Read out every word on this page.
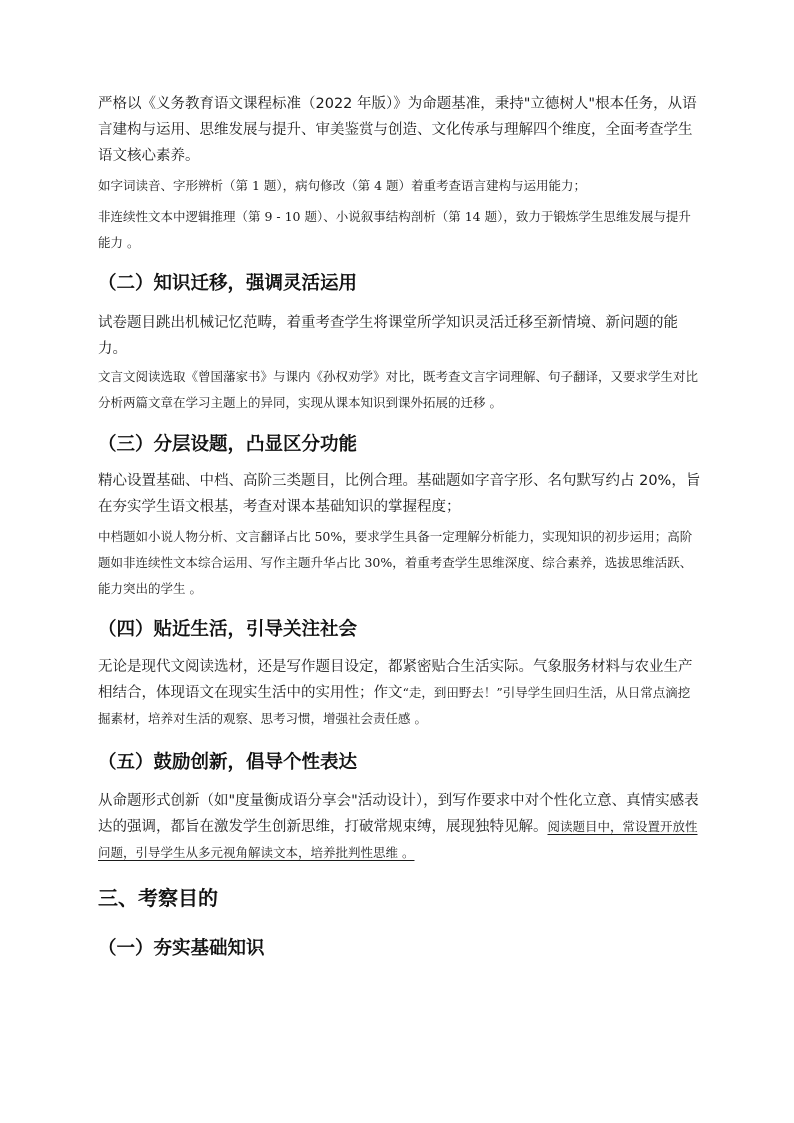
严格以《义务教育语文课程标准（2022 年版）》为命题基准，秉持"立德树人"根本任务，从语言建构与运用、思维发展与提升、审美鉴赏与创造、文化传承与理解四个维度，全面考查学生语文核心素养。

如字词读音、字形辨析（第 1 题），病句修改（第 4 题）着重考查语言建构与运用能力；

非连续性文本中逻辑推理（第 9 - 10 题）、小说叙事结构剖析（第 14 题），致力于锻炼学生思维发展与提升能力 。

（二）知识迁移，强调灵活运用

试卷题目跳出机械记忆范畴，着重考查学生将课堂所学知识灵活迁移至新情境、新问题的能力。

文言文阅读选取《曾国藩家书》与课内《孙权劝学》对比，既考查文言字词理解、句子翻译，又要求学生对比分析两篇文章在学习主题上的异同，实现从课本知识到课外拓展的迁移 。

（三）分层设题，凸显区分功能

精心设置基础、中档、高阶三类题目，比例合理。基础题如字音字形、名句默写约占 20%，旨在夯实学生语文根基，考查对课本基础知识的掌握程度；

中档题如小说人物分析、文言翻译占比 50%，要求学生具备一定理解分析能力，实现知识的初步运用；高阶题如非连续性文本综合运用、写作主题升华占比 30%，着重考查学生思维深度、综合素养，选拔思维活跃、能力突出的学生 。

（四）贴近生活，引导关注社会

无论是现代文阅读选材，还是写作题目设定，都紧密贴合生活实际。气象服务材料与农业生产相结合，体现语文在现实生活中的实用性；作文“走，到田野去！”引导学生回归生活，从日常点滴挖掘素材，培养对生活的观察、思考习惯，增强社会责任感 。

（五）鼓励创新，倡导个性表达

从命题形式创新（如"度量衡成语分享会"活动设计），到写作要求中对个性化立意、真情实感表达的强调，都旨在激发学生创新思维，打破常规束缚，展现独特见解。阅读题目中，常设置开放性问题，引导学生从多元视角解读文本，培养批判性思维 。

三、考察目的
（一）夯实基础知识
